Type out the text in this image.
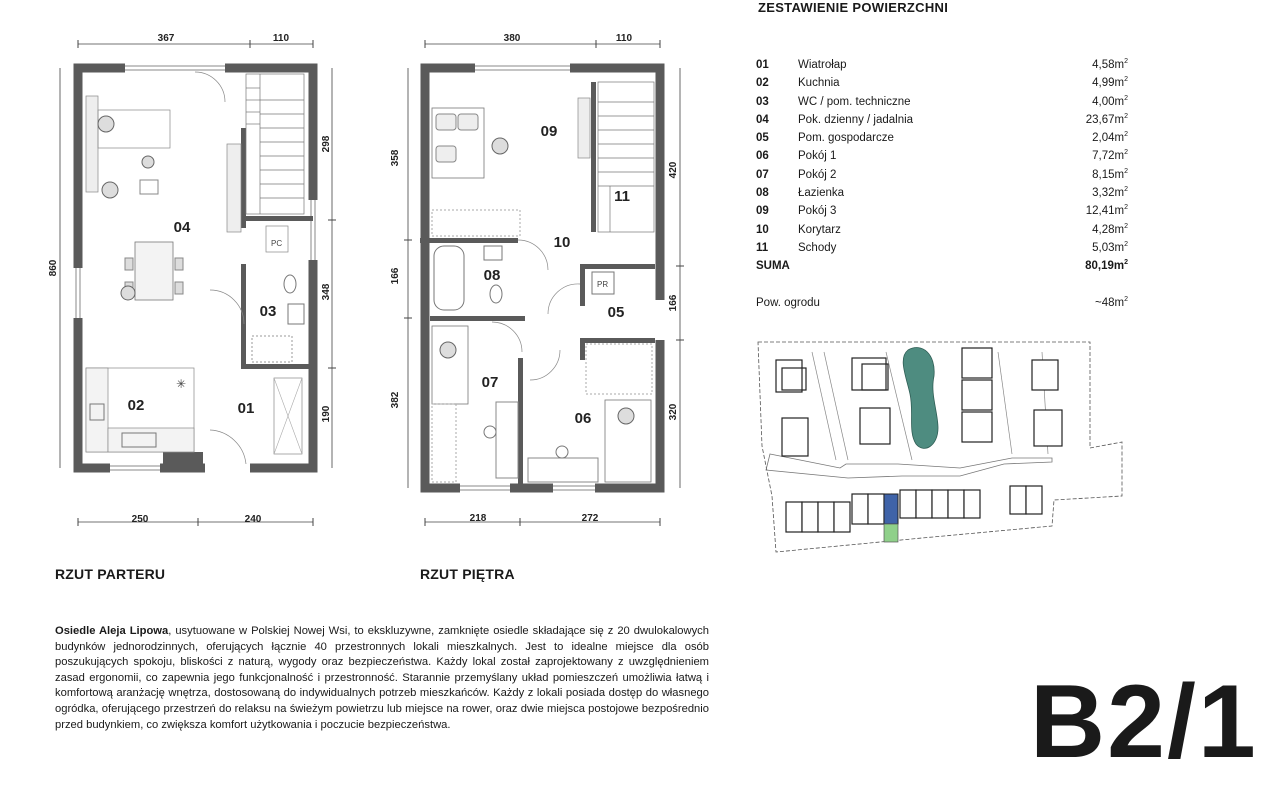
367	110
✳
PC
04
03
02	01
860
298
348
190
250	240
380	110
PR
09
11
10
08
05
07
06
358
166
382
420
166
320
218	272
RZUT PARTERU	RZUT PIĘTRA
ZESTAWIENIE POWIERZCHNI
01	Wiatrołap	$4,58m^2$
02	Kuchnia	$4,99m^2$
03	WC / pom. techniczne	$4,00m^2$
04	Pok. dzienny / jadalnia	$23,67m^2$
05	Pom. gospodarcze	$2,04m^2$
06	Pokój 1	$7,72m^2$
07	Pokój 2	$8,15m^2$
08	Łazienka	$3,32m^2$
09	Pokój 3	$12,41m^2$
10	Korytarz	$4,28m^2$
11	Schody	$5,03m^2$
SUMA		$80,19m^2$
Pow. ogrodu	$\sim 48m^2$
Osiedle Aleja Lipowa, usytuowane w Polskiej Nowej Wsi, to ekskluzywne, zamknięte osiedle składające się z 20 dwulokalowych budynków jednorodzinnych, oferujących łącznie 40 przestronnych lokali mieszkalnych. Jest to idealne miejsce dla osób poszukujących spokoju, bliskości z naturą, wygody oraz bezpieczeństwa. Każdy lokal został zaprojektowany z uwzględnieniem zasad ergonomii, co zapewnia jego funkcjonalność i przestronność. Starannie przemyślany układ pomieszczeń umożliwia łatwą i komfortową aranżację wnętrza, dostosowaną do indywidualnych potrzeb mieszkańców. Każdy z lokali posiada dostęp do własnego ogródka, oferującego przestrzeń do relaksu na świeżym powietrzu lub miejsce na rower, oraz dwie miejsca postojowe bezpośrednio przed budynkiem, co zwiększa komfort użytkowania i poczucie bezpieczeństwa.	B2/1
